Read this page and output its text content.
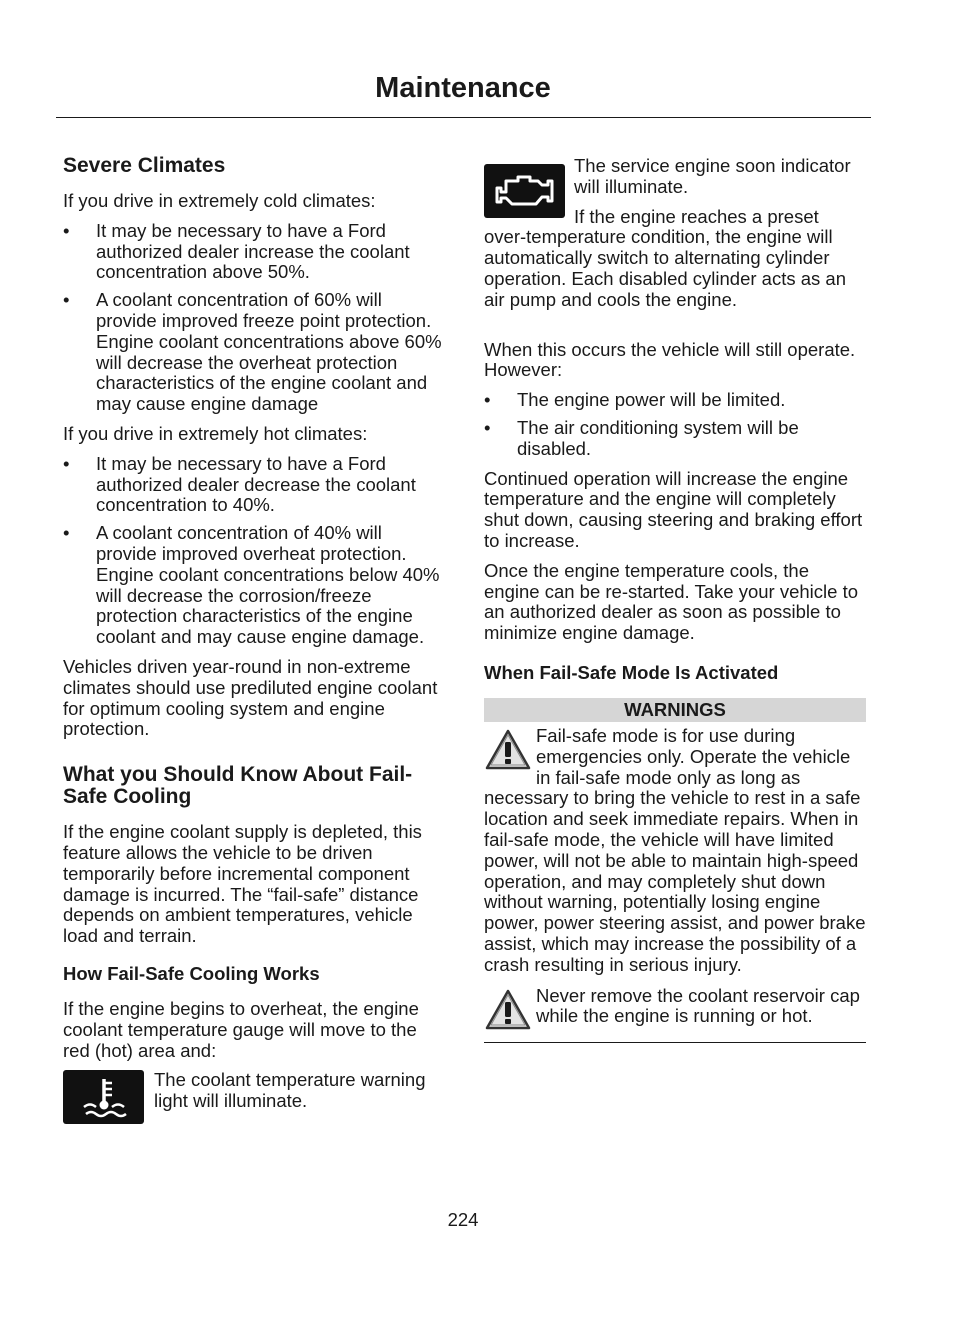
Maintenance
Severe Climates

If you drive in extremely cold climates:

• It may be necessary to have a Ford authorized dealer increase the coolant concentration above 50%.
• A coolant concentration of 60% will provide improved freeze point protection. Engine coolant concentrations above 60% will decrease the overheat protection characteristics of the engine coolant and may cause engine damage

If you drive in extremely hot climates:

• It may be necessary to have a Ford authorized dealer decrease the coolant concentration to 40%.
• A coolant concentration of 40% will provide improved overheat protection. Engine coolant concentrations below 40% will decrease the corrosion/freeze protection characteristics of the engine coolant and may cause engine damage.

Vehicles driven year-round in non-extreme climates should use prediluted engine coolant for optimum cooling system and engine protection.

What you Should Know About Fail-Safe Cooling

If the engine coolant supply is depleted, this feature allows the vehicle to be driven temporarily before incremental component damage is incurred. The “fail-safe” distance depends on ambient temperatures, vehicle load and terrain.

How Fail-Safe Cooling Works

If the engine begins to overheat, the engine coolant temperature gauge will move to the red (hot) area and:

The coolant temperature warning light will illuminate.

The service engine soon indicator will illuminate.

If the engine reaches a preset over-temperature condition, the engine will automatically switch to alternating cylinder operation. Each disabled cylinder acts as an air pump and cools the engine.

When this occurs the vehicle will still operate. However:

• The engine power will be limited.
• The air conditioning system will be disabled.

Continued operation will increase the engine temperature and the engine will completely shut down, causing steering and braking effort to increase.

Once the engine temperature cools, the engine can be re-started. Take your vehicle to an authorized dealer as soon as possible to minimize engine damage.

When Fail-Safe Mode Is Activated
WARNINGS
Fail-safe mode is for use during emergencies only. Operate the vehicle in fail-safe mode only as long as necessary to bring the vehicle to rest in a safe location and seek immediate repairs. When in fail-safe mode, the vehicle will have limited power, will not be able to maintain high-speed operation, and may completely shut down without warning, potentially losing engine power, power steering assist, and power brake assist, which may increase the possibility of a crash resulting in serious injury.
Never remove the coolant reservoir cap while the engine is running or hot.
224
